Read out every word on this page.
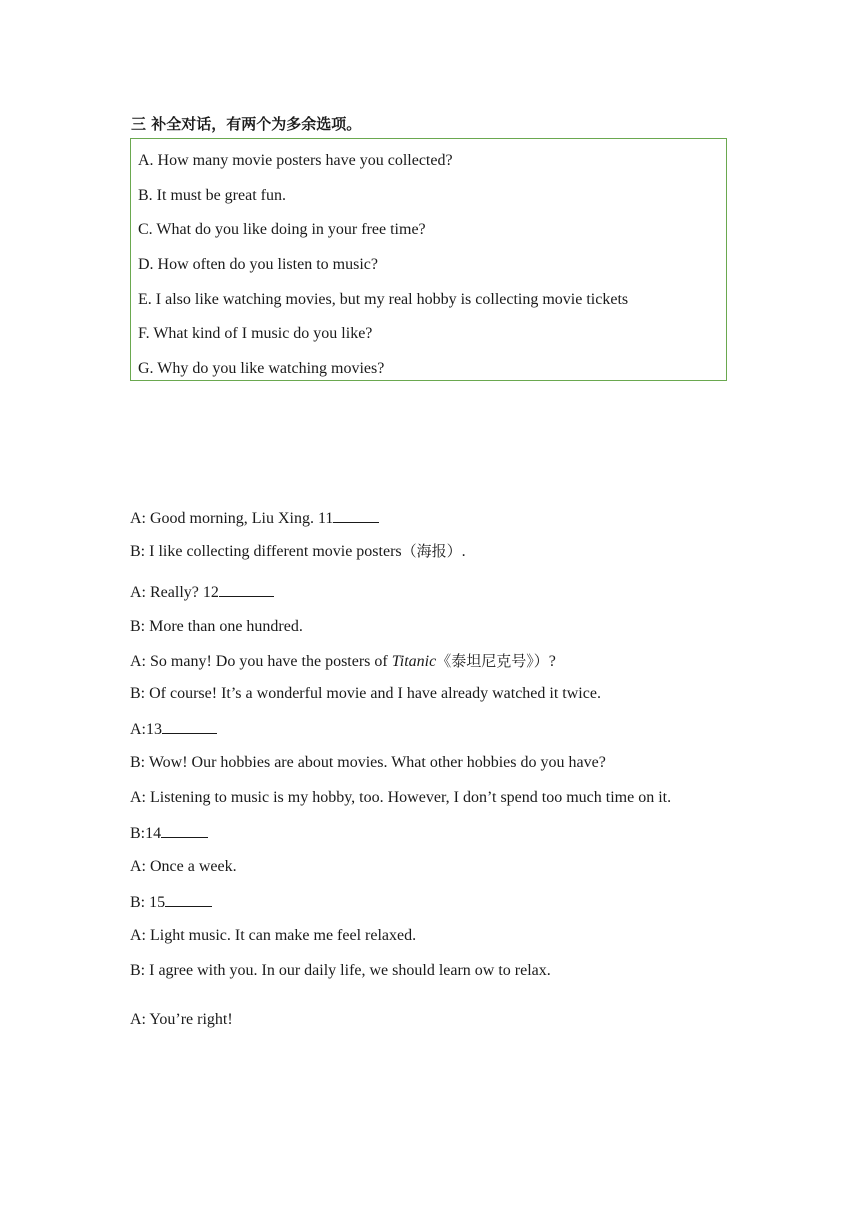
三 补全对话，有两个为多余选项。
A. How many movie posters have you collected?
B. It must be great fun.
C. What do you like doing in your free time?
D. How often do you listen to music?
E. I also like watching movies, but my real hobby is collecting movie tickets
F. What kind of I music do you like?
G. Why do you like watching movies?
A: Good morning, Liu Xing. 11
B: I like collecting different movie posters（海报）.
A: Really? 12
B: More than one hundred.
A: So many! Do you have the posters of Titanic《泰坦尼克号》）?
B: Of course! It’s a wonderful movie and I have already watched it twice.
A:13
B: Wow! Our hobbies are about movies. What other hobbies do you have?
A: Listening to music is my hobby, too. However, I don’t spend too much time on it.
B:14
A: Once a week.
B: 15
A: Light music. It can make me feel relaxed.
B: I agree with you. In our daily life, we should learn ow to relax.
A: You’re right!
